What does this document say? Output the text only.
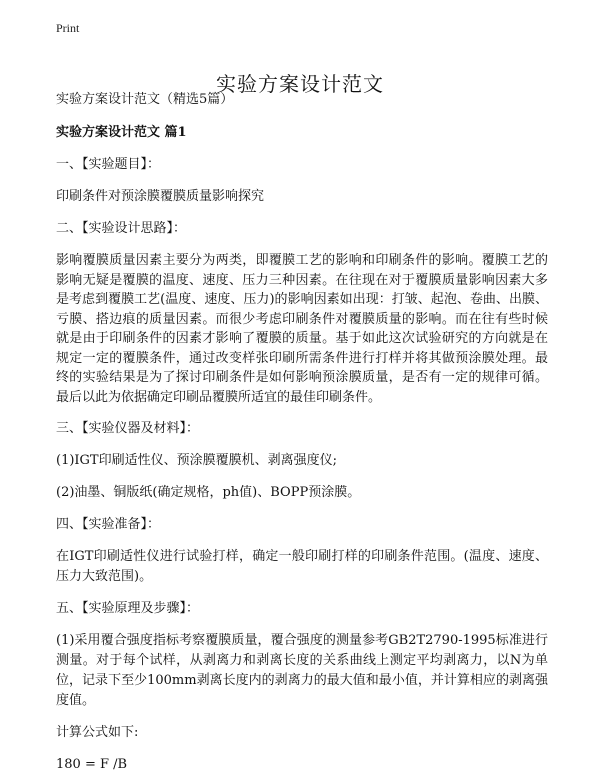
Print
实验方案设计范文

实验方案设计范文（精选5篇）

实验方案设计范文 篇1

一、【实验题目】：

印刷条件对预涂膜覆膜质量影响探究

二、【实验设计思路】：

影响覆膜质量因素主要分为两类，即覆膜工艺的影响和印刷条件的影响。覆膜工艺的影响无疑是覆膜的温度、速度、压力三种因素。在往现在对于覆膜质量影响因素大多是考虑到覆膜工艺(温度、速度、压力)的影响因素如出现：打皱、起泡、卷曲、出膜、亏膜、搭边痕的质量因素。而很少考虑印刷条件对覆膜质量的影响。而在往有些时候就是由于印刷条件的因素才影响了覆膜的质量。基于如此这次试验研究的方向就是在规定一定的覆膜条件，通过改变样张印刷所需条件进行打样并将其做预涂膜处理。最终的实验结果是为了探讨印刷条件是如何影响预涂膜质量，是否有一定的规律可循。最后以此为依据确定印刷品覆膜所适宜的最佳印刷条件。

三、【实验仪器及材料】：

(1)IGT印刷适性仪、预涂膜覆膜机、剥离强度仪;

(2)油墨、铜版纸(确定规格，ph值)、BOPP预涂膜。

四、【实验准备】：

在IGT印刷适性仪进行试验打样，确定一般印刷打样的印刷条件范围。(温度、速度、压力大致范围)。

五、【实验原理及步骤】：

(1)采用覆合强度指标考察覆膜质量，覆合强度的测量参考GB2T2790-1995标准进行测量。对于每个试样，从剥离力和剥离长度的关系曲线上测定平均剥离力，以N为单位，记录下至少100mm剥离长度内的剥离力的最大值和最小值，并计算相应的剥离强度值。

计算公式如下:

180 = F /B
